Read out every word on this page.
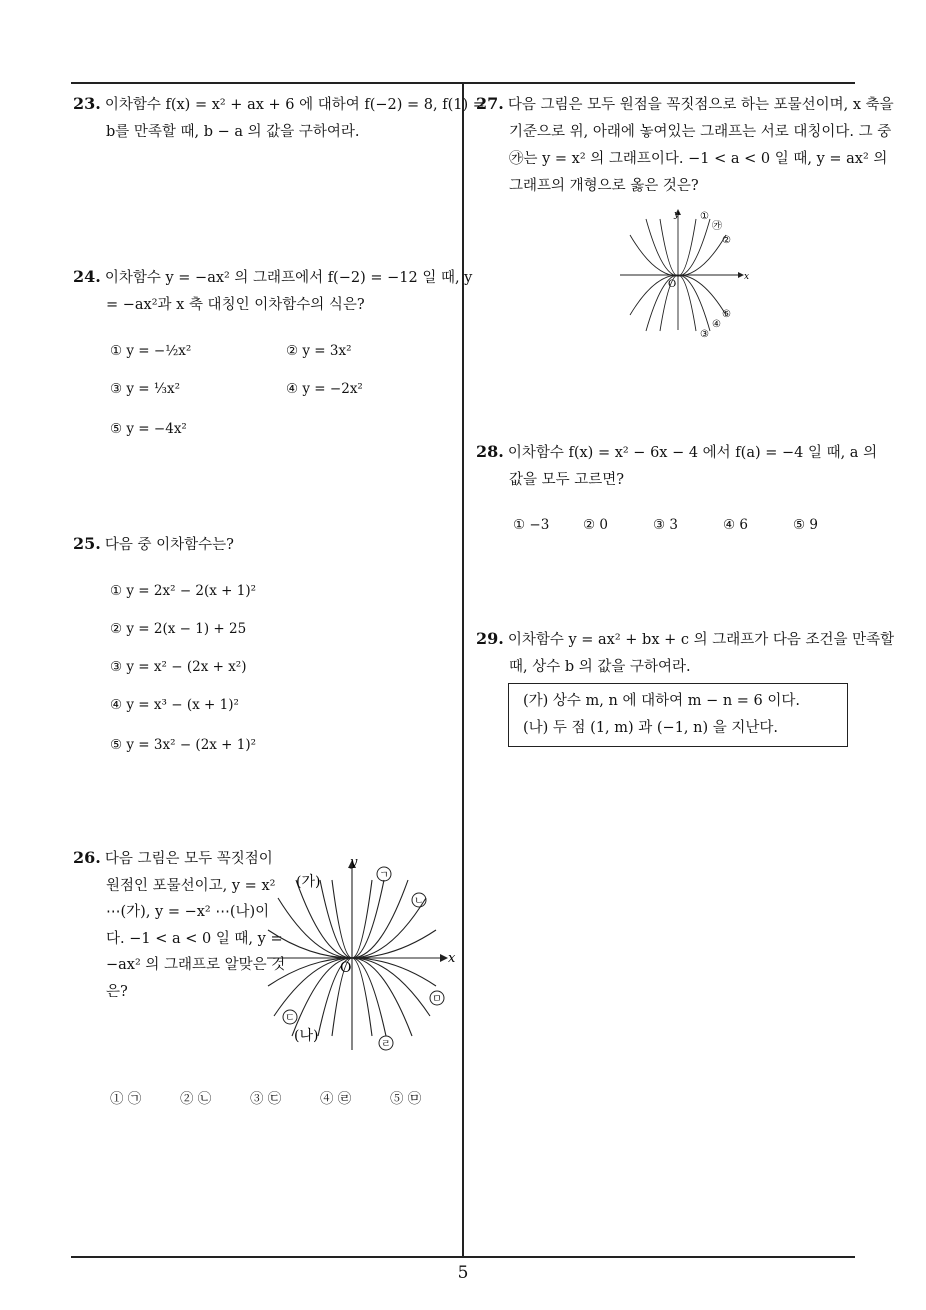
23. 이차함수 f(x) = x² + ax + 6 에 대하여 f(−2) = 8, f(1) = b를 만족할 때, b − a 의 값을 구하여라.
24. 이차함수 y = −ax² 의 그래프에서 f(−2) = −12 일 때, y = −ax²과 x 축 대칭인 이차함수의 식은?
① y = −½x²	② y = 3x²
③ y = ⅓x²	④ y = −2x²
⑤ y = −4x²
25. 다음 중 이차함수는?
① y = 2x² − 2(x + 1)²
② y = 2(x − 1) + 25
③ y = x² − (2x + x²)
④ y = x³ − (x + 1)²
⑤ y = 3x² − (2x + 1)²
26. 다음 그림은 모두 꼭짓점이 원점인 포물선이고, y = x² ⋯(가), y = −x² ⋯(나)이다. −1 < a < 0 일 때, y = −ax² 의 그래프로 알맞은 것은?
y
x
O
(가)
(나)
ㄱ
ㄴ
ㄷ
ㄹ
ㅁ
① ㉠	② ㉡	③ ㉢	④ ㉣	⑤ ㉤
27. 다음 그림은 모두 원점을 꼭짓점으로 하는 포물선이며, x 축을 기준으로 위, 아래에 놓여있는 그래프는 서로 대칭이다. 그 중 ㉮는 y = x² 의 그래프이다. −1 < a < 0 일 때, y = ax² 의 그래프의 개형으로 옳은 것은?
y
x
O
①
㉮
②
⑤
④
③
28. 이차함수 f(x) = x² − 6x − 4 에서 f(a) = −4 일 때, a 의 값을 모두 고르면?
① −3 ② 0	③ 3	④ 6	⑤ 9
29. 이차함수 y = ax² + bx + c 의 그래프가 다음 조건을 만족할 때, 상수 b 의 값을 구하여라.
(가) 상수 m, n 에 대하여 m − n = 6 이다.
(나) 두 점 (1, m) 과 (−1, n) 을 지난다.
5
